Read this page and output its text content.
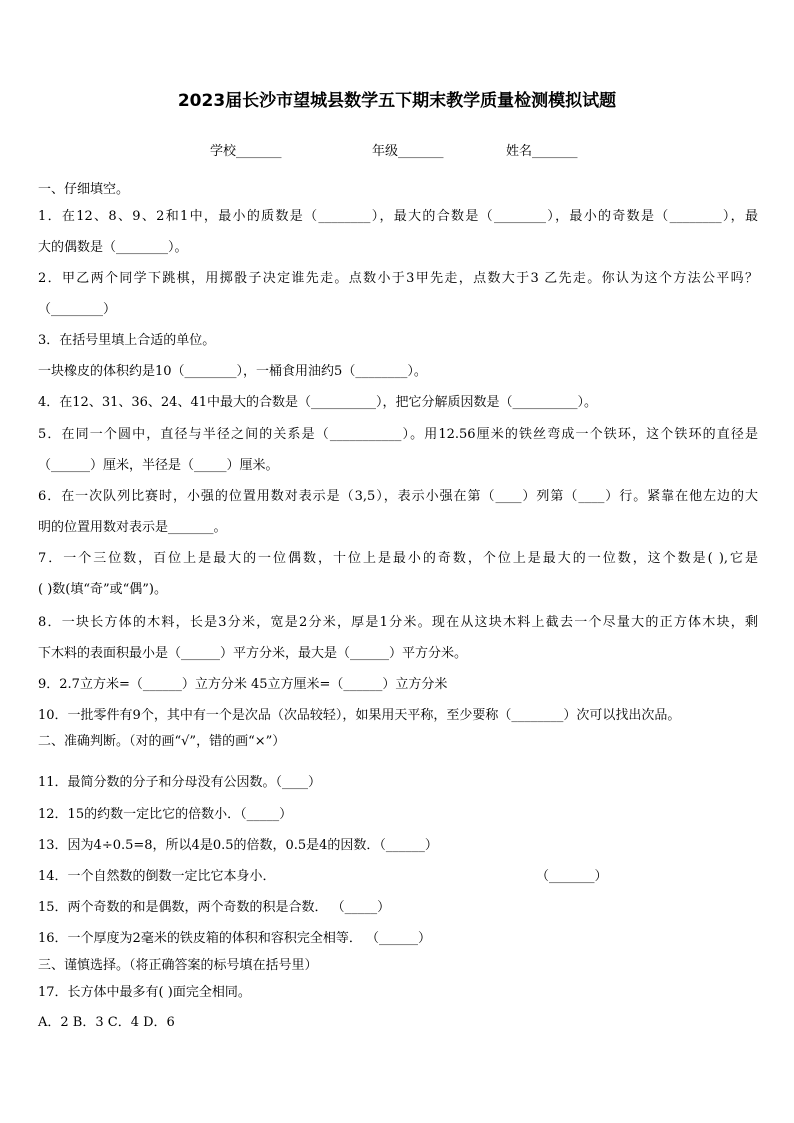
2023届长沙市望城县数学五下期末教学质量检测模拟试题
学校_______	年级_______	姓名_______
一、仔细填空。
1．在12、8、9、2和1中，最小的质数是（________），最大的合数是（________），最小的奇数是（________），最
大的偶数是（________）。
2．甲乙两个同学下跳棋，用掷骰子决定谁先走。点数小于3甲先走，点数大于3 乙先走。你认为这个方法公平吗？
（________）
3．在括号里填上合适的单位。
一块橡皮的体积约是10（________），一桶食用油约5（________）。
4．在12、31、36、24、41中最大的合数是（__________），把它分解质因数是（__________）。
5．在同一个圆中，直径与半径之间的关系是（___________）。用12.56厘米的铁丝弯成一个铁环，这个铁环的直径是
（______）厘米，半径是（_____）厘米。
6．在一次队列比赛时，小强的位置用数对表示是（3,5），表示小强在第（____）列第（____）行。紧靠在他左边的大
明的位置用数对表示是_______。
7．一个三位数，百位上是最大的一位偶数，十位上是最小的奇数，个位上是最大的一位数，这个数是( ),它是
( )数(填“奇”或“偶”)。
8．一块长方体的木料，长是3分米，宽是2分米，厚是1分米。现在从这块木料上截去一个尽量大的正方体木块，剩
下木料的表面积最小是（______）平方分米，最大是（______）平方分米。
9．2.7立方米=（______）立方分米 45立方厘米=（______）立方分米
10．一批零件有9个，其中有一个是次品（次品较轻），如果用天平称，至少要称（________）次可以找出次品。
二、准确判断。（对的画“√”，错的画“×”）
11．最简分数的分子和分母没有公因数。（____）
12．15的约数一定比它的倍数小．（_____）
13．因为4÷0.5=8，所以4是0.5的倍数，0.5是4的因数．（______）
14．一个自然数的倒数一定比它本身小．	（_______）
15．两个奇数的和是偶数，两个奇数的积是合数． （_____）
16．一个厚度为2毫米的铁皮箱的体积和容积完全相等． （______）
三、谨慎选择。（将正确答案的标号填在括号里）
17．长方体中最多有( )面完全相同。
A．2 B．3 C．4 D．6
